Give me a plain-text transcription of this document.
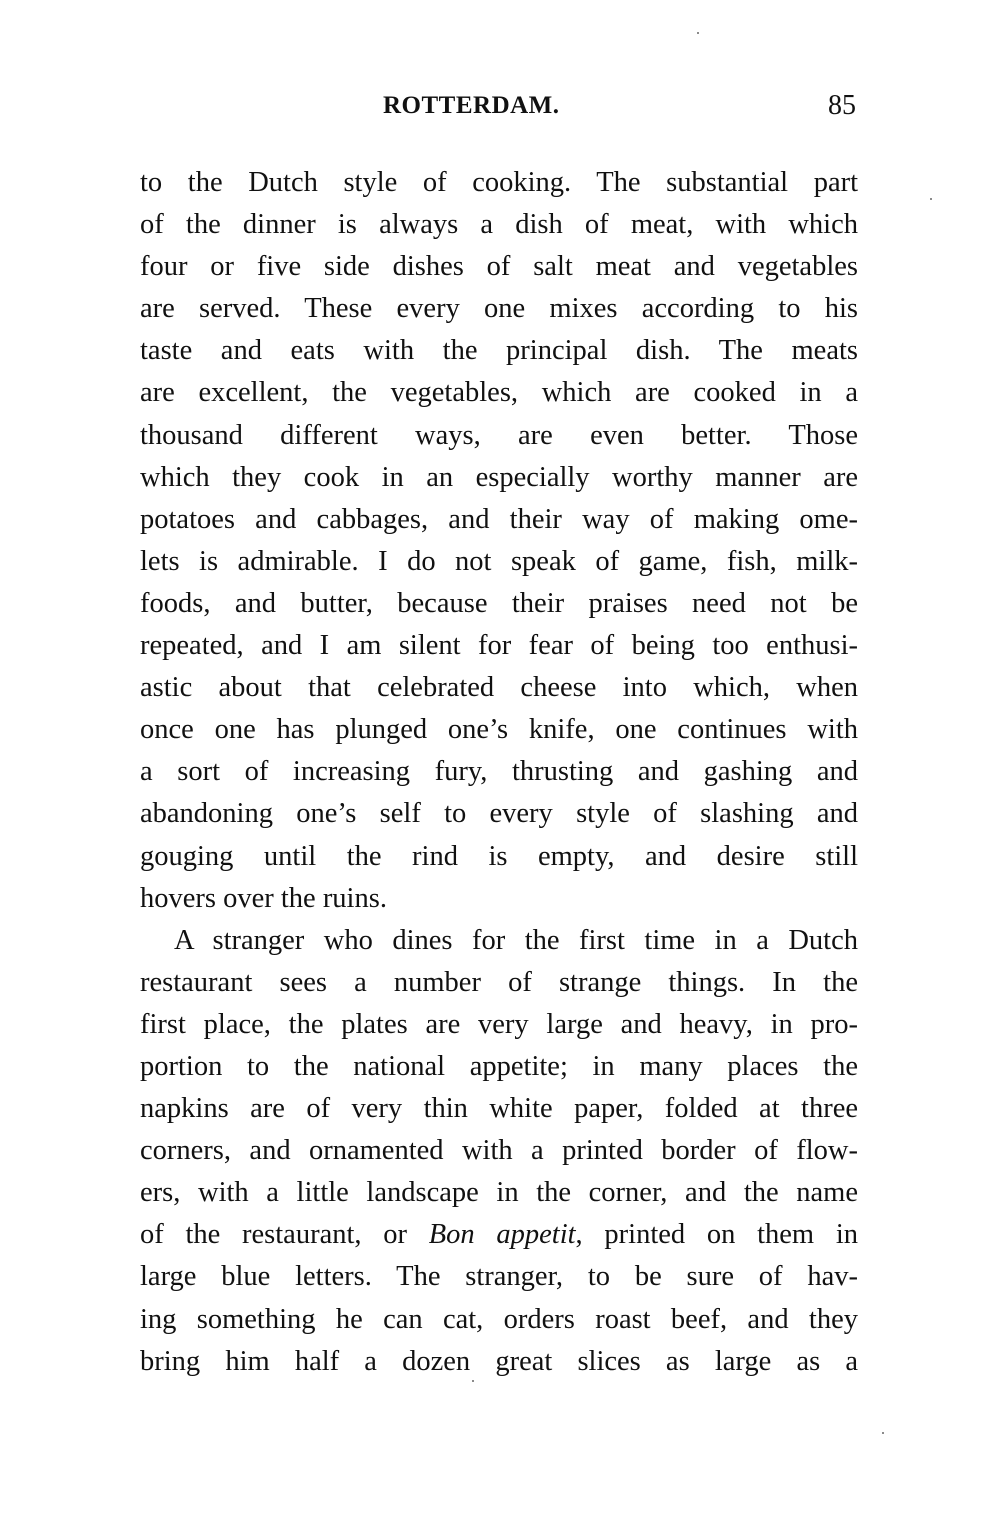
ROTTERDAM.	85
to the Dutch style of cooking. The substantial part
of the dinner is always a dish of meat, with which
four or five side dishes of salt meat and vegetables
are served. These every one mixes according to his
taste and eats with the principal dish. The meats
are excellent, the vegetables, which are cooked in a
thousand different ways, are even better. Those
which they cook in an especially worthy manner are
potatoes and cabbages, and their way of making ome-
lets is admirable. I do not speak of game, fish, milk-
foods, and butter, because their praises need not be
repeated, and I am silent for fear of being too enthusi-
astic about that celebrated cheese into which, when
once one has plunged one’s knife, one continues with
a sort of increasing fury, thrusting and gashing and
abandoning one’s self to every style of slashing and
gouging until the rind is empty, and desire still
hovers over the ruins.
A stranger who dines for the first time in a Dutch
restaurant sees a number of strange things. In the
first place, the plates are very large and heavy, in pro-
portion to the national appetite; in many places the
napkins are of very thin white paper, folded at three
corners, and ornamented with a printed border of flow-
ers, with a little landscape in the corner, and the name
of the restaurant, or Bon appetit, printed on them in
large blue letters. The stranger, to be sure of hav-
ing something he can cat, orders roast beef, and they
bring him half a dozen great slices as large as a
